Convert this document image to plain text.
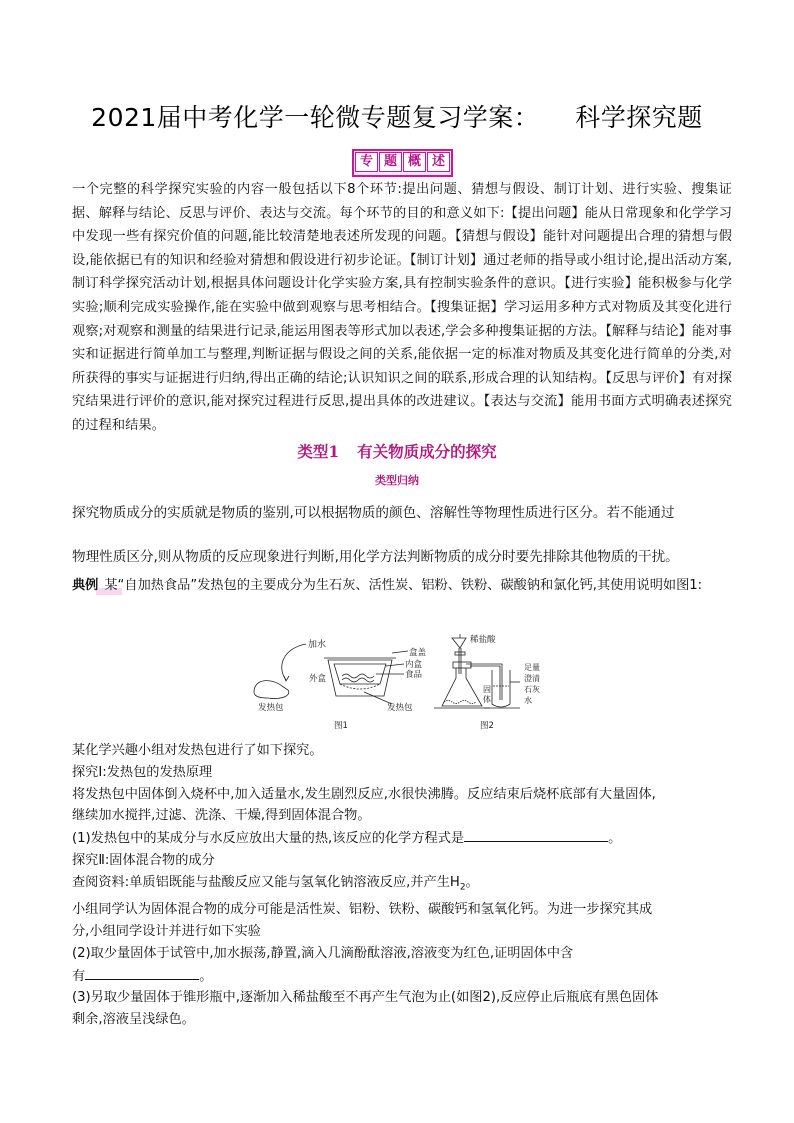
2021届中考化学一轮微专题复习学案： 科学探究题
专 题 概 述

一个完整的科学探究实验的内容一般包括以下8个环节:提出问题、猜想与假设、制订计划、进行实验、搜集证据、解释与结论、反思与评价、表达与交流。每个环节的目的和意义如下:【提出问题】能从日常现象和化学学习中发现一些有探究价值的问题,能比较清楚地表述所发现的问题。【猜想与假设】能针对问题提出合理的猜想与假设,能依据已有的知识和经验对猜想和假设进行初步论证。【制订计划】通过老师的指导或小组讨论,提出活动方案,制订科学探究活动计划,根据具体问题设计化学实验方案,具有控制实验条件的意识。【进行实验】能积极参与化学实验;顺利完成实验操作,能在实验中做到观察与思考相结合。【搜集证据】学习运用多种方式对物质及其变化进行观察;对观察和测量的结果进行记录,能运用图表等形式加以表述,学会多种搜集证据的方法。【解释与结论】能对事实和证据进行简单加工与整理,判断证据与假设之间的关系,能依据一定的标准对物质及其变化进行简单的分类,对所获得的事实与证据进行归纳,得出正确的结论;认识知识之间的联系,形成合理的认知结构。【反思与评价】有对探究结果进行评价的意识,能对探究过程进行反思,提出具体的改进建议。【表达与交流】能用书面方式明确表述探究的过程和结果。

类型1 有关物质成分的探究
类型归纳

探究物质成分的实质就是物质的鉴别,可以根据物质的颜色、溶解性等物理性质进行区分。若不能通过

物理性质区分,则从物质的反应现象进行判断,用化学方法判断物质的成分时要先排除其他物质的干扰。

典例 某“自加热食品”发热包的主要成分为生石灰、活性炭、铝粉、铁粉、碳酸钠和氯化钙,其使用说明如图1:

加水
盒盖
内盒
食品
外盒
发热包	发热包
图1
稀盐酸
固
体
足量
澄清
石灰
水
图2
某化学兴趣小组对发热包进行了如下探究。
探究Ⅰ:发热包的发热原理
将发热包中固体倒入烧杯中,加入适量水,发生剧烈反应,水很快沸腾。反应结束后烧杯底部有大量固体,
继续加水搅拌,过滤、洗涤、干燥,得到固体混合物。
(1)发热包中的某成分与水反应放出大量的热,该反应的化学方程式是	。
探究Ⅱ:固体混合物的成分
查阅资料:单质铝既能与盐酸反应又能与氢氧化钠溶液反应,并产生$H_2$。
小组同学认为固体混合物的成分可能是活性炭、铝粉、铁粉、碳酸钙和氢氧化钙。为进一步探究其成
分,小组同学设计并进行如下实验
(2)取少量固体于试管中,加水振荡,静置,滴入几滴酚酞溶液,溶液变为红色,证明固体中含
有	。
(3)另取少量固体于锥形瓶中,逐渐加入稀盐酸至不再产生气泡为止(如图2),反应停止后瓶底有黑色固体
剩余,溶液呈浅绿色。
